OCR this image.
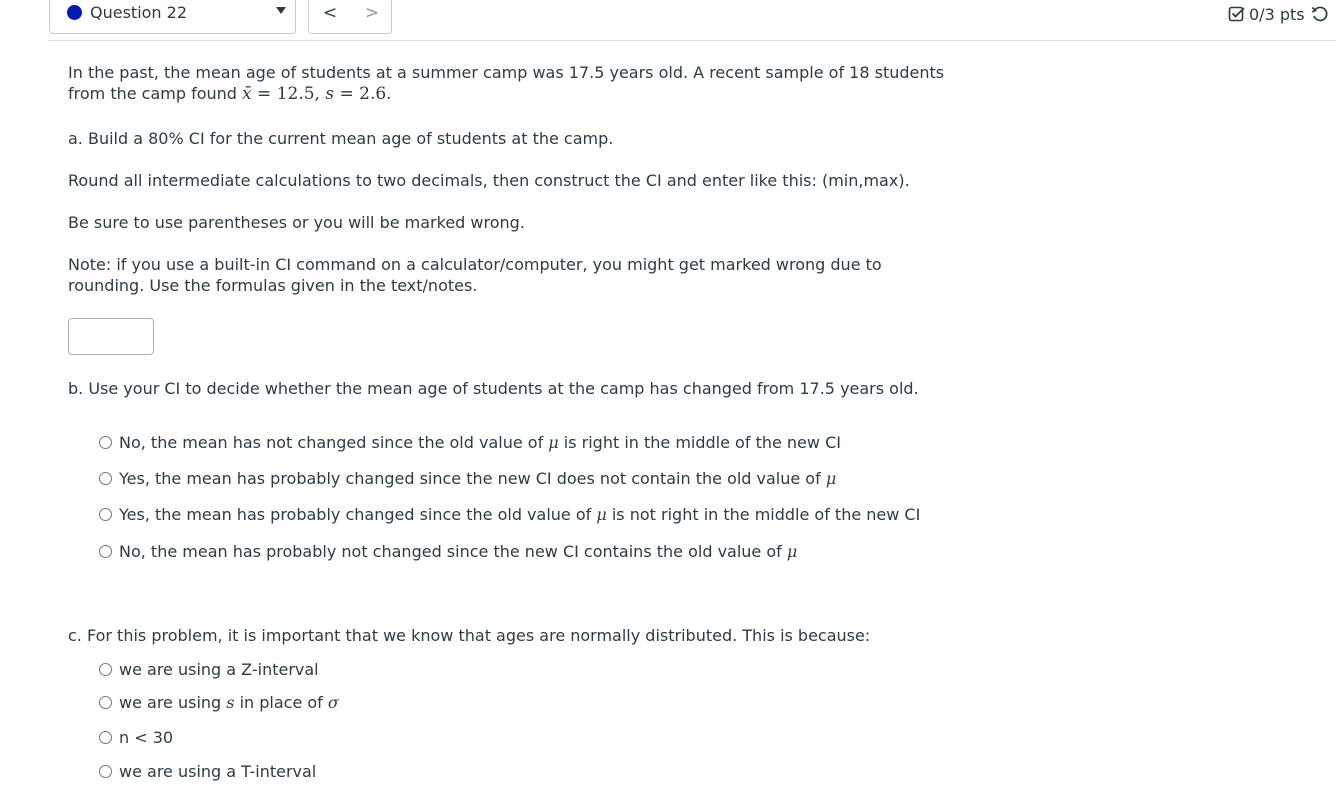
Question 22	<	>	0/3 pts
In the past, the mean age of students at a summer camp was 17.5 years old. A recent sample of 18 students
from the camp found x̄ = 12.5, s = 2.6.
a. Build a 80% CI for the current mean age of students at the camp.
Round all intermediate calculations to two decimals, then construct the CI and enter like this: (min,max).
Be sure to use parentheses or you will be marked wrong.
Note: if you use a built-in CI command on a calculator/computer, you might get marked wrong due to
rounding. Use the formulas given in the text/notes.
b. Use your CI to decide whether the mean age of students at the camp has changed from 17.5 years old.
c. For this problem, it is important that we know that ages are normally distributed. This is because:
No, the mean has not changed since the old value of μ is right in the middle of the new CI
Yes, the mean has probably changed since the new CI does not contain the old value of μ
Yes, the mean has probably changed since the old value of μ is not right in the middle of the new CI
No, the mean has probably not changed since the new CI contains the old value of μ
we are using a Z-interval
we are using s in place of σ
n < 30
we are using a T-interval
